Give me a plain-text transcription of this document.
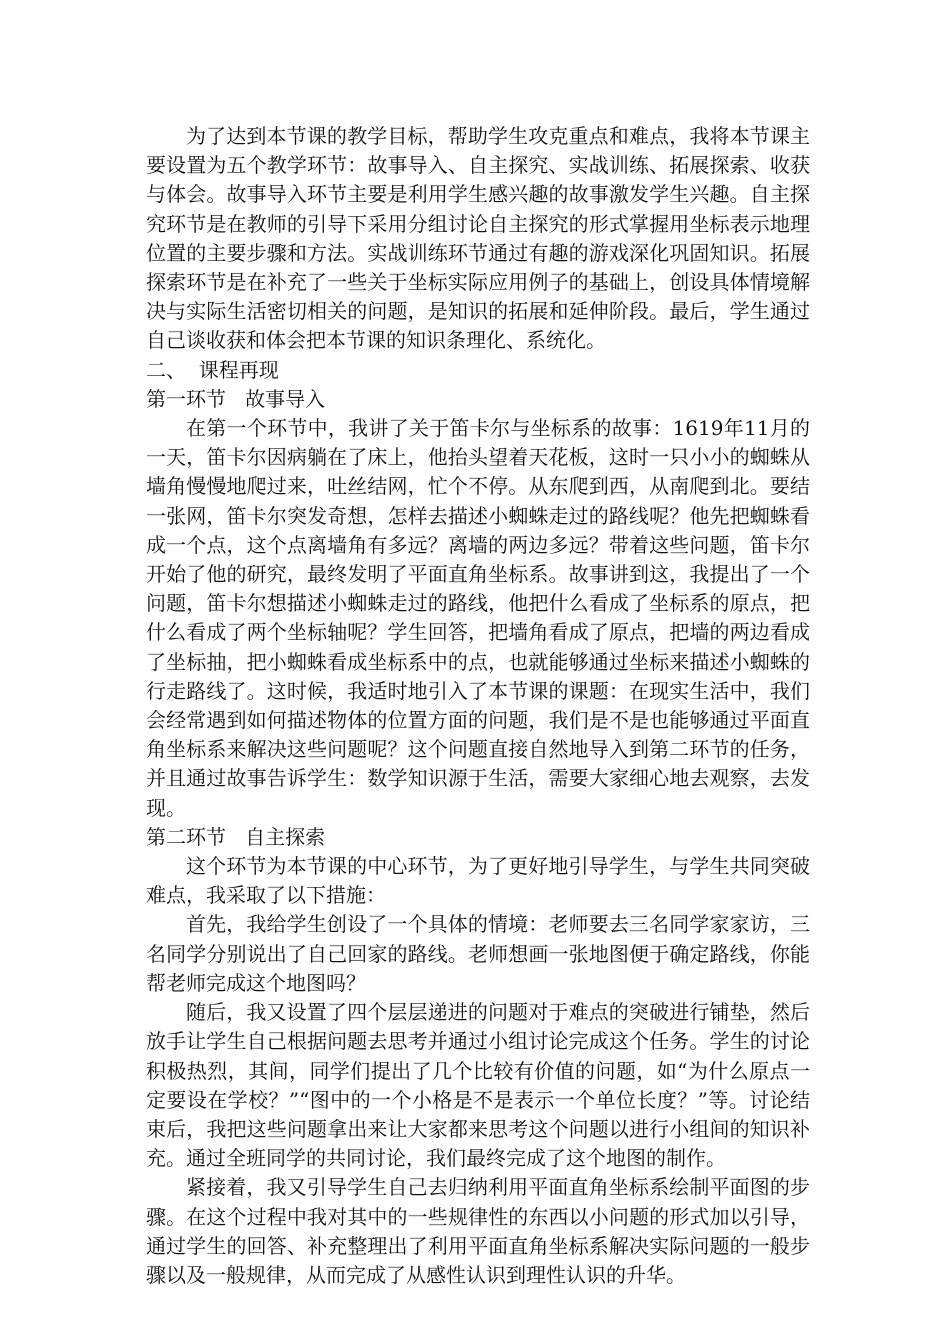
为了达到本节课的教学目标，帮助学生攻克重点和难点，我将本节课主要设置为五个教学环节：故事导入、自主探究、实战训练、拓展探索、收获与体会。故事导入环节主要是利用学生感兴趣的故事激发学生兴趣。自主探究环节是在教师的引导下采用分组讨论自主探究的形式掌握用坐标表示地理位置的主要步骤和方法。实战训练环节通过有趣的游戏深化巩固知识。拓展探索环节是在补充了一些关于坐标实际应用例子的基础上，创设具体情境解决与实际生活密切相关的问题，是知识的拓展和延伸阶段。最后，学生通过自己谈收获和体会把本节课的知识条理化、系统化。

二、  课程再现

第一环节   故事导入

在第一个环节中，我讲了关于笛卡尔与坐标系的故事：1619年11月的一天，笛卡尔因病躺在了床上，他抬头望着天花板，这时一只小小的蜘蛛从墙角慢慢地爬过来，吐丝结网，忙个不停。从东爬到西，从南爬到北。要结一张网，笛卡尔突发奇想，怎样去描述小蜘蛛走过的路线呢？他先把蜘蛛看成一个点，这个点离墙角有多远？离墙的两边多远？带着这些问题，笛卡尔开始了他的研究，最终发明了平面直角坐标系。故事讲到这，我提出了一个问题，笛卡尔想描述小蜘蛛走过的路线，他把什么看成了坐标系的原点，把什么看成了两个坐标轴呢？学生回答，把墙角看成了原点，把墙的两边看成了坐标抽，把小蜘蛛看成坐标系中的点，也就能够通过坐标来描述小蜘蛛的行走路线了。这时候，我适时地引入了本节课的课题：在现实生活中，我们会经常遇到如何描述物体的位置方面的问题，我们是不是也能够通过平面直角坐标系来解决这些问题呢？这个问题直接自然地导入到第二环节的任务，并且通过故事告诉学生：数学知识源于生活，需要大家细心地去观察，去发现。

第二环节   自主探索

这个环节为本节课的中心环节，为了更好地引导学生，与学生共同突破难点，我采取了以下措施：

首先，我给学生创设了一个具体的情境：老师要去三名同学家家访，三名同学分别说出了自己回家的路线。老师想画一张地图便于确定路线，你能帮老师完成这个地图吗？

随后，我又设置了四个层层递进的问题对于难点的突破进行铺垫，然后放手让学生自己根据问题去思考并通过小组讨论完成这个任务。学生的讨论积极热烈，其间，同学们提出了几个比较有价值的问题，如“为什么原点一定要设在学校？”“图中的一个小格是不是表示一个单位长度？”等。讨论结束后，我把这些问题拿出来让大家都来思考这个问题以进行小组间的知识补充。通过全班同学的共同讨论，我们最终完成了这个地图的制作。

紧接着，我又引导学生自己去归纳利用平面直角坐标系绘制平面图的步骤。在这个过程中我对其中的一些规律性的东西以小问题的形式加以引导，通过学生的回答、补充整理出了利用平面直角坐标系解决实际问题的一般步骤以及一般规律，从而完成了从感性认识到理性认识的升华。
